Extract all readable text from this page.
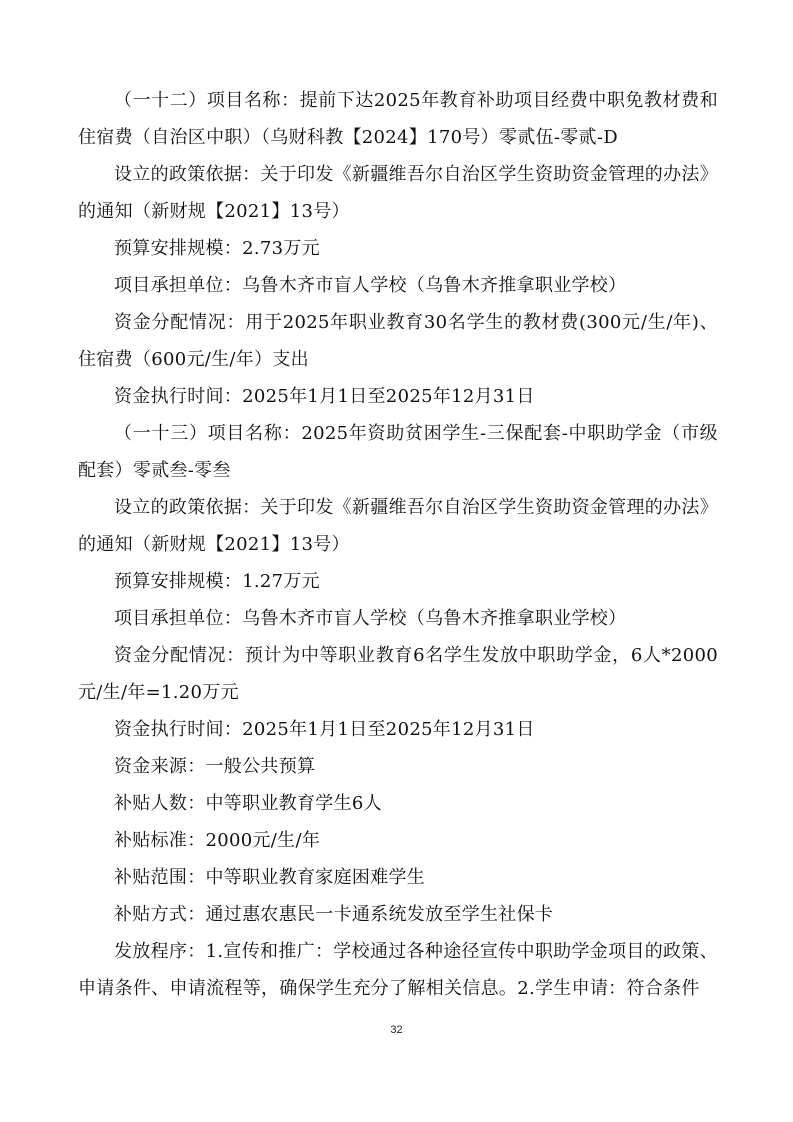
（一十二）项目名称：提前下达2025年教育补助项目经费中职免教材费和住宿费（自治区中职）（乌财科教【2024】170号）零贰伍-零贰-D

设立的政策依据：关于印发《新疆维吾尔自治区学生资助资金管理的办法》的通知（新财规【2021】13号）

预算安排规模：2.73万元

项目承担单位：乌鲁木齐市盲人学校（乌鲁木齐推拿职业学校）

资金分配情况：用于2025年职业教育30名学生的教材费(300元/生/年)、住宿费（600元/生/年）支出

资金执行时间：2025年1月1日至2025年12月31日

（一十三）项目名称：2025年资助贫困学生-三保配套-中职助学金（市级配套）零贰叁-零叁

设立的政策依据：关于印发《新疆维吾尔自治区学生资助资金管理的办法》的通知（新财规【2021】13号）

预算安排规模：1.27万元

项目承担单位：乌鲁木齐市盲人学校（乌鲁木齐推拿职业学校）

资金分配情况：预计为中等职业教育6名学生发放中职助学金，6人*2000元/生/年=1.20万元

资金执行时间：2025年1月1日至2025年12月31日

资金来源：一般公共预算

补贴人数：中等职业教育学生6人

补贴标准：2000元/生/年

补贴范围：中等职业教育家庭困难学生

补贴方式：通过惠农惠民一卡通系统发放至学生社保卡

发放程序：1.宣传和推广：学校通过各种途径宣传中职助学金项目的政策、申请条件、申请流程等，确保学生充分了解相关信息。2.学生申请：符合条件

32
